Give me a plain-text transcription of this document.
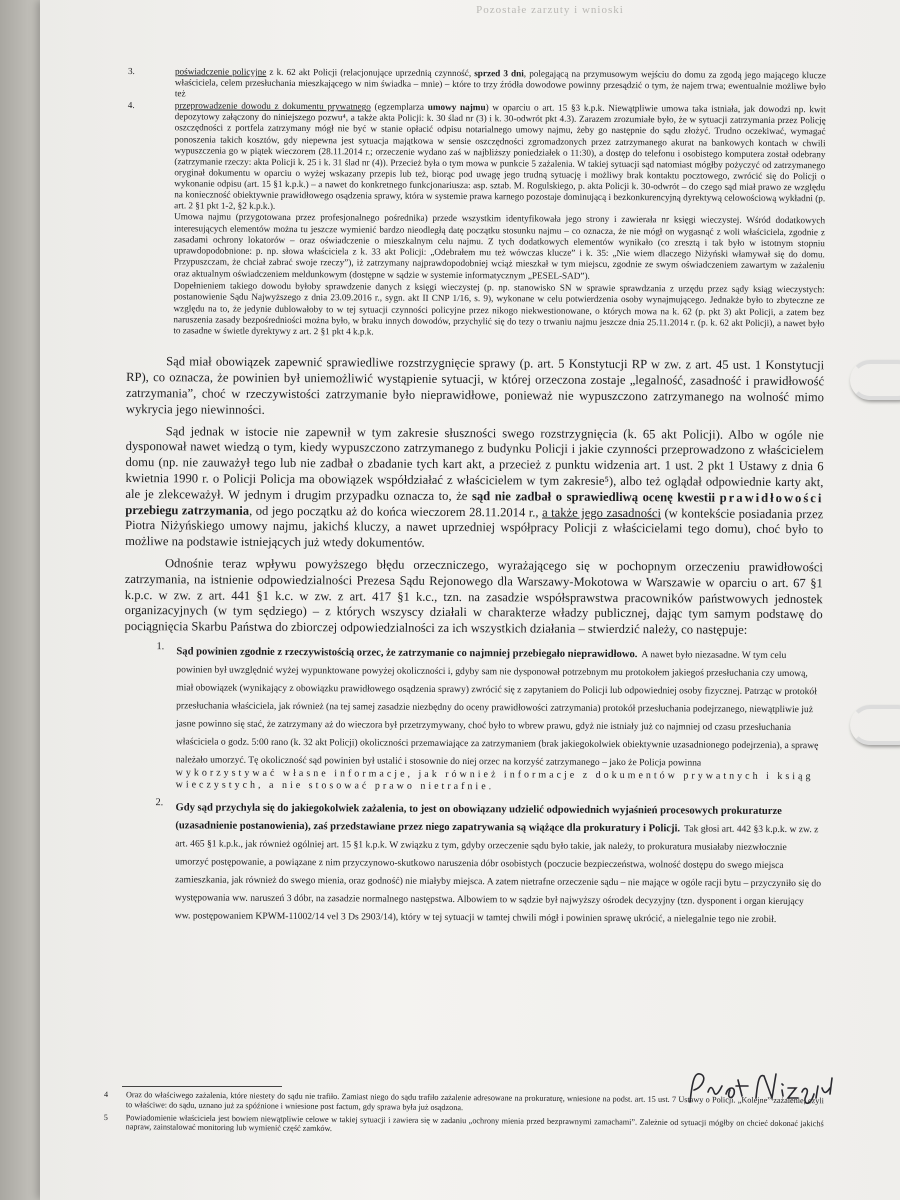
Pozostałe zarzuty i wnioski
3.	poświadczenie policyjne z k. 62 akt Policji (relacjonujące uprzednią czynność, sprzed 3 dni, polegającą na przymusowym wejściu do domu za zgodą jego mającego klucze właściciela, celem przesłuchania mieszkającego w nim świadka – mnie) – które to trzy źródła dowodowe powinny przesądzić o tym, że najem trwa; ewentualnie możliwe było też
4.	przeprowadzenie dowodu z dokumentu prywatnego (egzemplarza umowy najmu) w oparciu o art. 15 §3 k.p.k. Niewątpliwie umowa taka istniała, jak dowodzi np. kwit depozytowy załączony do niniejszego pozwu⁴, a także akta Policji: k. 30 ślad nr (3) i k. 30-odwrót pkt 4.3). Zarazem zrozumiałe było, że w sytuacji zatrzymania przez Policję oszczędności z portfela zatrzymany mógł nie być w stanie opłacić odpisu notarialnego umowy najmu, żeby go następnie do sądu złożyć. Trudno oczekiwać, wymagać ponoszenia takich kosztów, gdy niepewna jest sytuacja majątkowa w sensie oszczędności zgromadzonych przez zatrzymanego akurat na bankowych kontach w chwili wypuszczenia go w piątek wieczorem (28.11.2014 r.; orzeczenie wydano zaś w najbliższy poniedziałek o 11:30), a dostęp do telefonu i osobistego komputera został odebrany (zatrzymanie rzeczy: akta Policji k. 25 i k. 31 ślad nr (4)). Przecież była o tym mowa w punkcie 5 zażalenia. W takiej sytuacji sąd natomiast mógłby pożyczyć od zatrzymanego oryginał dokumentu w oparciu o wyżej wskazany przepis lub też, biorąc pod uwagę jego trudną sytuację i możliwy brak kontaktu pocztowego, zwrócić się do Policji o wykonanie odpisu (art. 15 §1 k.p.k.) – a nawet do konkretnego funkcjonariusza: asp. sztab. M. Rogulskiego, p. akta Policji k. 30-odwrót – do czego sąd miał prawo ze względu na konieczność obiektywnie prawidłowego osądzenia sprawy, która w systemie prawa karnego pozostaje dominującą i bezkonkurencyjną dyrektywą celowościową wykładni (p. art. 2 §1 pkt 1-2, §2 k.p.k.).

Umowa najmu (przygotowana przez profesjonalnego pośrednika) przede wszystkim identyfikowała jego strony i zawierała nr księgi wieczystej. Wśród dodatkowych interesujących elementów można tu jeszcze wymienić bardzo nieodległą datę początku stosunku najmu – co oznacza, że nie mógł on wygasnąć z woli właściciela, zgodnie z zasadami ochrony lokatorów – oraz oświadczenie o mieszkalnym celu najmu. Z tych dodatkowych elementów wynikało (co zresztą i tak było w istotnym stopniu uprawdopodobnione: p. np. słowa właściciela z k. 33 akt Policji: „Odebrałem mu też wówczas klucze” i k. 35: „Nie wiem dlaczego Niżyński włamywał się do domu. Przypuszczam, że chciał zabrać swoje rzeczy”), iż zatrzymany najprawdopodobniej wciąż mieszkał w tym miejscu, zgodnie ze swym oświadczeniem zawartym w zażaleniu oraz aktualnym oświadczeniem meldunkowym (dostępne w sądzie w systemie informatycznym „PESEL-SAD”).

Dopełnieniem takiego dowodu byłoby sprawdzenie danych z księgi wieczystej (p. np. stanowisko SN w sprawie sprawdzania z urzędu przez sądy ksiąg wieczystych: postanowienie Sądu Najwyższego z dnia 23.09.2016 r., sygn. akt II CNP 1/16, s. 9), wykonane w celu potwierdzenia osoby wynajmującego. Jednakże było to zbyteczne ze względu na to, że jedynie dublowałoby to w tej sytuacji czynności policyjne przez nikogo niekwestionowane, o których mowa na k. 62 (p. pkt 3) akt Policji, a zatem bez naruszenia zasady bezpośredniości można było, w braku innych dowodów, przychylić się do tezy o trwaniu najmu jeszcze dnia 25.11.2014 r. (p. k. 62 akt Policji), a nawet było to zasadne w świetle dyrektywy z art. 2 §1 pkt 4 k.p.k.

Sąd miał obowiązek zapewnić sprawiedliwe rozstrzygnięcie sprawy (p. art. 5 Konstytucji RP w zw. z art. 45 ust. 1 Konstytucji RP), co oznacza, że powinien był uniemożliwić wystąpienie sytuacji, w której orzeczona zostaje „legalność, zasadność i prawidłowość zatrzymania”, choć w rzeczywistości zatrzymanie było nieprawidłowe, ponieważ nie wypuszczono zatrzymanego na wolność mimo wykrycia jego niewinności.

Sąd jednak w istocie nie zapewnił w tym zakresie słuszności swego rozstrzygnięcia (k. 65 akt Policji). Albo w ogóle nie dysponował nawet wiedzą o tym, kiedy wypuszczono zatrzymanego z budynku Policji i jakie czynności przeprowadzono z właścicielem domu (np. nie zauważył tego lub nie zadbał o zbadanie tych kart akt, a przecież z punktu widzenia art. 1 ust. 2 pkt 1 Ustawy z dnia 6 kwietnia 1990 r. o Policji Policja ma obowiązek współdziałać z właścicielem w tym zakresie⁵), albo też oglądał odpowiednie karty akt, ale je zlekceważył. W jednym i drugim przypadku oznacza to, że sąd nie zadbał o sprawiedliwą ocenę kwestii prawidłowości przebiegu zatrzymania, od jego początku aż do końca wieczorem 28.11.2014 r., a także jego zasadności (w kontekście posiadania przez Piotra Niżyńskiego umowy najmu, jakichś kluczy, a nawet uprzedniej współpracy Policji z właścicielami tego domu), choć było to możliwe na podstawie istniejących już wtedy dokumentów.

Odnośnie teraz wpływu powyższego błędu orzeczniczego, wyrażającego się w pochopnym orzeczeniu prawidłowości zatrzymania, na istnienie odpowiedzialności Prezesa Sądu Rejonowego dla Warszawy-Mokotowa w Warszawie w oparciu o art. 67 §1 k.p.c. w zw. z art. 441 §1 k.c. w zw. z art. 417 §1 k.c., tzn. na zasadzie współsprawstwa pracowników państwowych jednostek organizacyjnych (w tym sędziego) – z których wszyscy działali w charakterze władzy publicznej, dając tym samym podstawę do pociągnięcia Skarbu Państwa do zbiorczej odpowiedzialności za ich wszystkich działania – stwierdzić należy, co następuje:

1. Sąd powinien zgodnie z rzeczywistością orzec, że zatrzymanie co najmniej przebiegało nieprawidłowo. A nawet było niezasadne. W tym celu powinien był uwzględnić wyżej wypunktowane powyżej okoliczności i, gdyby sam nie dysponował potrzebnym mu protokołem jakiegoś przesłuchania czy umową, miał obowiązek (wynikający z obowiązku prawidłowego osądzenia sprawy) zwrócić się z zapytaniem do Policji lub odpowiedniej osoby fizycznej. Patrząc w protokół przesłuchania właściciela, jak również (na tej samej zasadzie niezbędny do oceny prawidłowości zatrzymania) protokół przesłuchania podejrzanego, niewątpliwie już jasne powinno się stać, że zatrzymany aż do wieczora był przetrzymywany, choć było to wbrew prawu, gdyż nie istniały już co najmniej od czasu przesłuchania właściciela o godz. 5:00 rano (k. 32 akt Policji) okoliczności przemawiające za zatrzymaniem (brak jakiegokolwiek obiektywnie uzasadnionego podejrzenia), a sprawę należało umorzyć. Tę okoliczność sąd powinien był ustalić i stosownie do niej orzec na korzyść zatrzymanego – jako że Policja powinna
wykorzystywać własne informacje, jak również informacje z dokumentów prywatnych i ksiąg wieczystych, a nie stosować prawo nietrafnie.
2. Gdy sąd przychyla się do jakiegokolwiek zażalenia, to jest on obowiązany udzielić odpowiednich wyjaśnień procesowych prokuraturze (uzasadnienie postanowienia), zaś przedstawiane przez niego zapatrywania są wiążące dla prokuratury i Policji. Tak głosi art. 442 §3 k.p.k. w zw. z art. 465 §1 k.p.k., jak również ogólniej art. 15 §1 k.p.k. W związku z tym, gdyby orzeczenie sądu było takie, jak należy, to prokuratura musiałaby niezwłocznie umorzyć postępowanie, a powiązane z nim przyczynowo-skutkowo naruszenia dóbr osobistych (poczucie bezpieczeństwa, wolność dostępu do swego miejsca zamieszkania, jak również do swego mienia, oraz godność) nie miałyby miejsca. A zatem nietrafne orzeczenie sądu – nie mające w ogóle racji bytu – przyczyniło się do występowania ww. naruszeń 3 dóbr, na zasadzie normalnego następstwa. Albowiem to w sądzie był najwyższy ośrodek decyzyjny (tzn. dysponent i organ kierujący ww. postępowaniem KPWM-11002/14 vel 3 Ds 2903/14), który w tej sytuacji w tamtej chwili mógł i powinien sprawę ukrócić, a nielegalnie tego nie zrobił.
4 Oraz do właściwego zażalenia, które niestety do sądu nie trafiło. Zamiast niego do sądu trafiło zażalenie adresowane na prokuraturę, wniesione na podst. art. 15 ust. 7 Ustawy o Policji. „Kolejne” zażalenie, czyli to właściwe: do sądu, uznano już za spóźnione i wniesione post factum, gdy sprawa była już osądzona.
5 Powiadomienie właściciela jest bowiem niewątpliwie celowe w takiej sytuacji i zawiera się w zadaniu „ochrony mienia przed bezprawnymi zamachami”. Zależnie od sytuacji mógłby on chcieć dokonać jakichś napraw, zainstalować monitoring lub wymienić część zamków.
